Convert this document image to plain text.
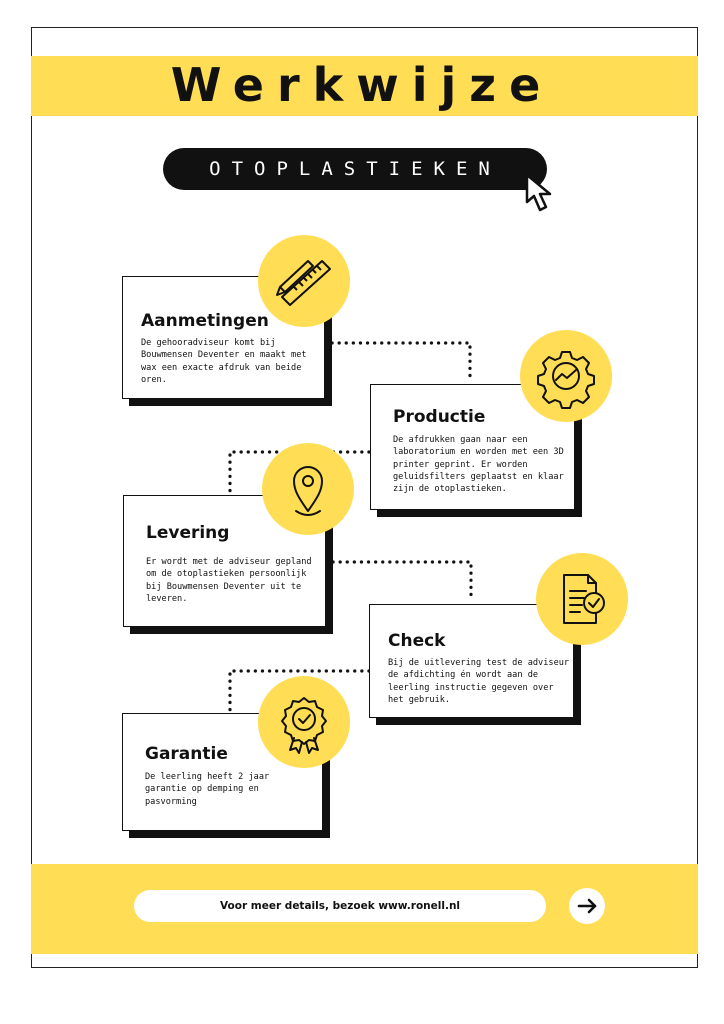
Werkwijze
OTOPLASTIEKEN
Aanmetingen

De gehooradviseur komt bij Bouwmensen Deventer en maakt met wax een exacte afdruk van beide oren.

Productie

De afdrukken gaan naar een laboratorium en worden met een 3D printer geprint. Er worden geluidsfilters geplaatst en klaar zijn de otoplastieken.

Levering

Er wordt met de adviseur gepland om de otoplastieken persoonlijk bij Bouwmensen Deventer uit te leveren.

Check

Bij de uitlevering test de adviseur de afdichting én wordt aan de leerling instructie gegeven over het gebruik.

Garantie

De leerling heeft 2 jaar garantie op demping en pasvorming

Voor meer details, bezoek www.ronell.nl
